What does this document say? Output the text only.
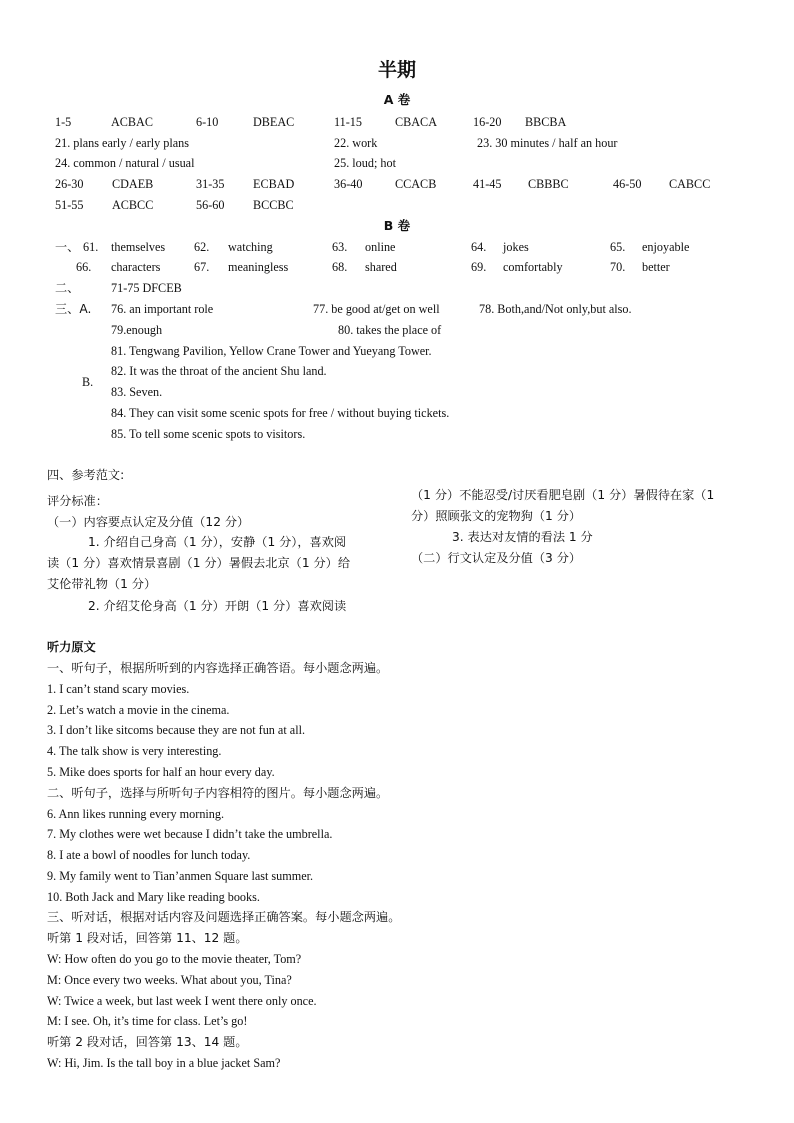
半期
A 卷
1-5	ACBAC	6-10	DBEAC	11-15	CBACA	16-20 BBCBA
21. plans early / early plans	22. work	23. 30 minutes / half an hour
24. common / natural / usual	25. loud; hot
26-30 CDAEB	31-35 ECBAD	36-40	CCACB	41-45 CBBBC	46-50 CABCC
51-55 ACBCC	56-60 BCCBC
B 卷
一、 61. themselves 62. watching	63. online	64. jokes	65. enjoyable
66. characters	67. meaningless	68. shared	69. comfortably	70. better
二、	71-75 DFCEB
三、A. 76. an important role	77. be good at/get on well	78. Both,and/Not only,but also.
79.enough	80. takes the place of
81. Tengwang Pavilion, Yellow Crane Tower and Yueyang Tower.
82. It was the throat of the ancient Shu land.
B.
83. Seven.
84. They can visit some scenic spots for free / without buying tickets.
85. To tell some scenic spots to visitors.
四、参考范文:
评分标准：
（一）内容要点认定及分值（12 分）
1. 介绍自己身高（1 分），安静（1 分），喜欢阅
读（1 分）喜欢情景喜剧（1 分）暑假去北京（1 分）给
艾伦带礼物（1 分）
2. 介绍艾伦身高（1 分）开朗（1 分）喜欢阅读
（1 分）不能忍受/讨厌看肥皂剧（1 分）暑假待在家（1
分）照顾张文的宠物狗（1 分）
3. 表达对友情的看法 1 分
（二）行文认定及分值（3 分）
听力原文
一、听句子，根据所听到的内容选择正确答语。每小题念两遍。
1. I can’t stand scary movies.
2. Let’s watch a movie in the cinema.
3. I don’t like sitcoms because they are not fun at all.
4. The talk show is very interesting.
5. Mike does sports for half an hour every day.
二、听句子，选择与所听句子内容相符的图片。每小题念两遍。
6. Ann likes running every morning.
7. My clothes were wet because I didn’t take the umbrella.
8. I ate a bowl of noodles for lunch today.
9. My family went to Tian’anmen Square last summer.
10. Both Jack and Mary like reading books.
三、听对话，根据对话内容及问题选择正确答案。每小题念两遍。
听第 1 段对话，回答第 11、12 题。
W: How often do you go to the movie theater, Tom?
M: Once every two weeks. What about you, Tina?
W: Twice a week, but last week I went there only once.
M: I see. Oh, it’s time for class. Let’s go!
听第 2 段对话，回答第 13、14 题。
W: Hi, Jim. Is the tall boy in a blue jacket Sam?
